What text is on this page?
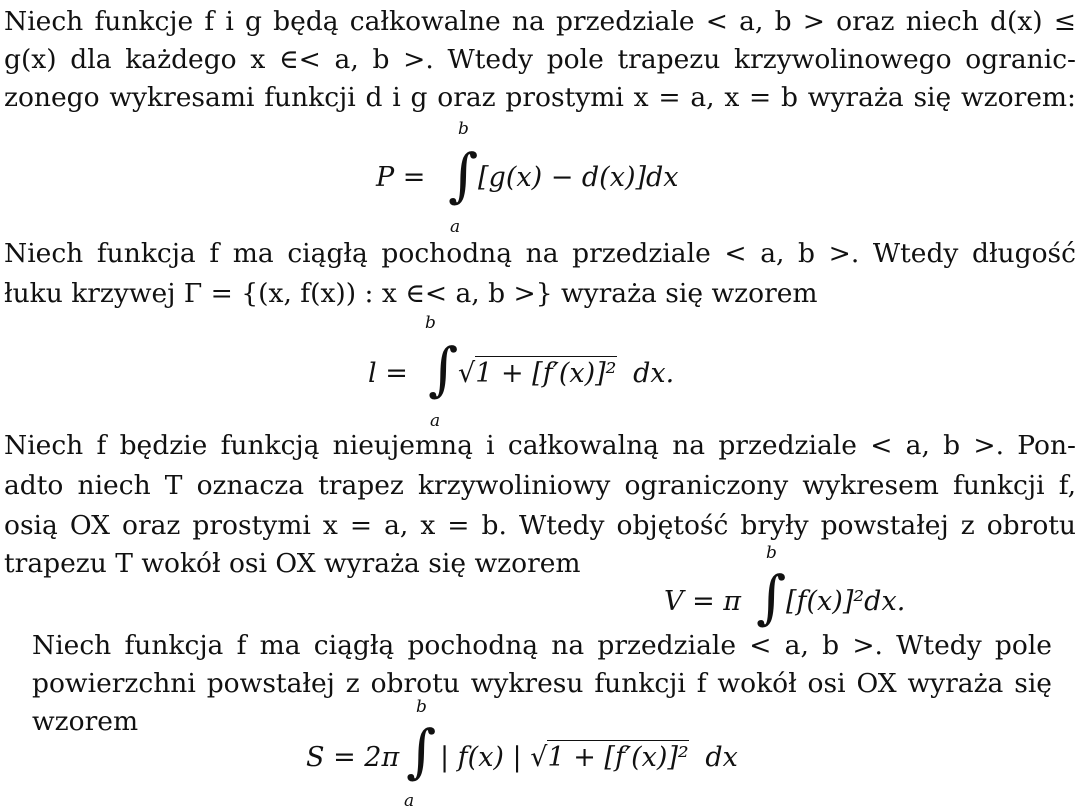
Niech funkcje f i g będą całkowalne na przedziale < a, b > oraz niech d(x) ≤
g(x) dla każdego x ∈< a, b >. Wtedy pole trapezu krzywolinowego ogranic-
zonego wykresami funkcji d i g oraz prostymi x = a, x = b wyraża się wzorem:
b
P = ∫ [g(x) − d(x)]dx
a
Niech funkcja f ma ciągłą pochodną na przedziale < a, b >. Wtedy długość
łuku krzywej Γ = {(x, f(x)) : x ∈< a, b >} wyraża się wzorem
b
l = ∫ √1 + [f′(x)]² dx.
a
Niech f będzie funkcją nieujemną i całkowalną na przedziale < a, b >. Pon-
adto niech T oznacza trapez krzywoliniowy ograniczony wykresem funkcji f,
osią OX oraz prostymi x = a, x = b. Wtedy objętość bryły powstałej z obrotu
trapezu T wokół osi OX wyraża się wzorem	b
V = π ∫ [f(x)]²dx.
Niech funkcja f ma ciągłą pochodną na przedziale < a, b >. Wtedy pole
powierzchni powstałej z obrotu wykresu funkcji f wokół osi OX wyraża się
wzorem	b
S = 2π ∫ | f(x) | √1 + [f′(x)]² dx
a
